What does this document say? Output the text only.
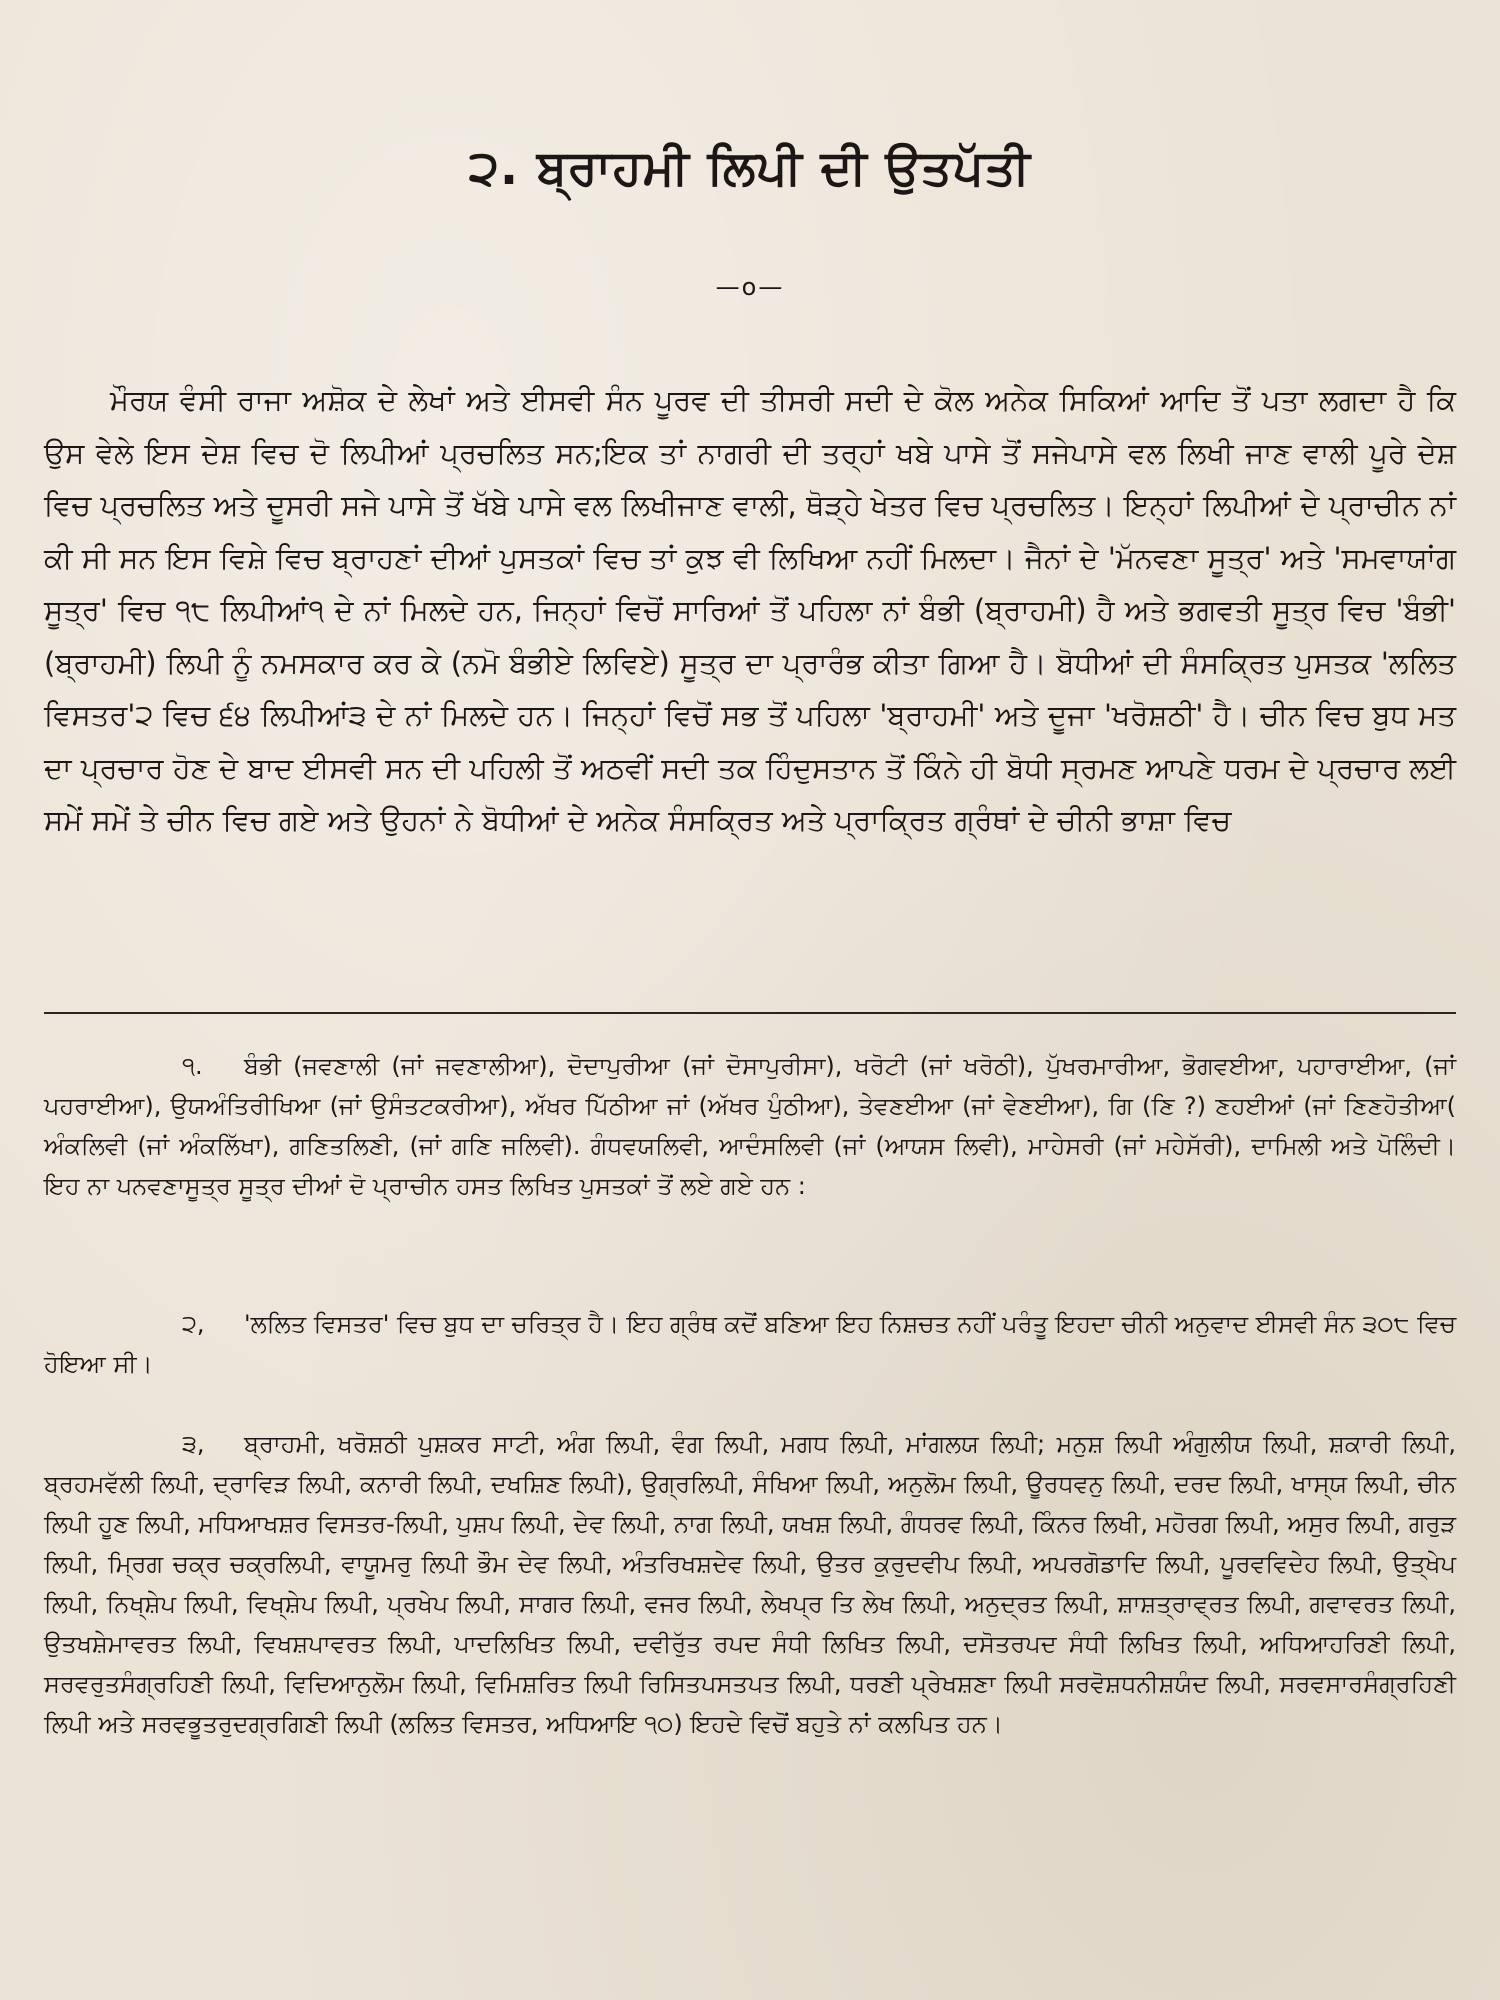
੨. ਬ੍ਰਾਹਮੀ ਲਿਪੀ ਦੀ ਉਤਪੱਤੀ
—o—

ਮੌਰਯ ਵੰਸੀ ਰਾਜਾ ਅਸ਼ੋਕ ਦੇ ਲੇਖਾਂ ਅਤੇ ਈਸਵੀ ਸੰਨ ਪੂਰਵ ਦੀ ਤੀਸਰੀ ਸਦੀ ਦੇ ਕੋਲ ਅਨੇਕ ਸਿਕਿਆਂ ਆਦਿ ਤੋਂ ਪਤਾ ਲਗਦਾ ਹੈ ਕਿ ਉਸ ਵੇਲੇ ਇਸ ਦੇਸ਼ ਵਿਚ ਦੋ ਲਿਪੀਆਂ ਪ੍ਰਚਲਿਤ ਸਨ;ਇਕ ਤਾਂ ਨਾਗਰੀ ਦੀ ਤਰ੍ਹਾਂ ਖਬੇ ਪਾਸੇ ਤੋਂ ਸਜੇਪਾਸੇ ਵਲ ਲਿਖੀ ਜਾਣ ਵਾਲੀ ਪੂਰੇ ਦੇਸ਼ ਵਿਚ ਪ੍ਰਚਲਿਤ ਅਤੇ ਦੂਸਰੀ ਸਜੇ ਪਾਸੇ ਤੋਂ ਖੱਬੇ ਪਾਸੇ ਵਲ ਲਿਖੀਜਾਣ ਵਾਲੀ, ਥੋੜ੍ਹੇ ਖੇਤਰ ਵਿਚ ਪ੍ਰਚਲਿਤ। ਇਨ੍ਹਾਂ ਲਿਪੀਆਂ ਦੇ ਪ੍ਰਾਚੀਨ ਨਾਂ ਕੀ ਸੀ ਸਨ ਇਸ ਵਿਸ਼ੇ ਵਿਚ ਬ੍ਰਾਹਣਾਂ ਦੀਆਂ ਪੁਸਤਕਾਂ ਵਿਚ ਤਾਂ ਕੁਝ ਵੀ ਲਿਖਿਆ ਨਹੀਂ ਮਿਲਦਾ। ਜੈਨਾਂ ਦੇ 'ਮੱਨਵਣਾ ਸੂਤ੍ਰ' ਅਤੇ 'ਸਮਵਾਯਾਂਗ ਸੂਤ੍ਰ' ਵਿਚ ੧੮ ਲਿਪੀਆਂ੧ ਦੇ ਨਾਂ ਮਿਲਦੇ ਹਨ, ਜਿਨ੍ਹਾਂ ਵਿਚੋਂ ਸਾਰਿਆਂ ਤੋਂ ਪਹਿਲਾ ਨਾਂ ਬੰਭੀ (ਬ੍ਰਾਹਮੀ) ਹੈ ਅਤੇ ਭਗਵਤੀ ਸੂਤ੍ਰ ਵਿਚ 'ਬੰਭੀ' (ਬ੍ਰਾਹਮੀ) ਲਿਪੀ ਨੂੰ ਨਮਸਕਾਰ ਕਰ ਕੇ (ਨਮੋ ਬੰਭੀਏ ਲਿਵਿਏ) ਸੂਤ੍ਰ ਦਾ ਪ੍ਰਾਰੰਭ ਕੀਤਾ ਗਿਆ ਹੈ। ਬੋਧੀਆਂ ਦੀ ਸੰਸਕ੍ਰਿਤ ਪੁਸਤਕ 'ਲਲਿਤ ਵਿਸਤਰ'੨ ਵਿਚ ੬੪ ਲਿਪੀਆਂ੩ ਦੇ ਨਾਂ ਮਿਲਦੇ ਹਨ। ਜਿਨ੍ਹਾਂ ਵਿਚੋਂ ਸਭ ਤੋਂ ਪਹਿਲਾ 'ਬ੍ਰਾਹਮੀ' ਅਤੇ ਦੂਜਾ 'ਖਰੋਸ਼ਠੀ' ਹੈ। ਚੀਨ ਵਿਚ ਬੁਧ ਮਤ ਦਾ ਪ੍ਰਚਾਰ ਹੋਣ ਦੇ ਬਾਦ ਈਸਵੀ ਸਨ ਦੀ ਪਹਿਲੀ ਤੋਂ ਅਠਵੀਂ ਸਦੀ ਤਕ ਹਿੰਦੁਸਤਾਨ ਤੋਂ ਕਿੰਨੇ ਹੀ ਬੋਧੀ ਸ੍ਰਮਣ ਆਪਣੇ ਧਰਮ ਦੇ ਪ੍ਰਚਾਰ ਲਈ ਸਮੇਂ ਸਮੇਂ ਤੇ ਚੀਨ ਵਿਚ ਗਏ ਅਤੇ ਉਹਨਾਂ ਨੇ ਬੋਧੀਆਂ ਦੇ ਅਨੇਕ ਸੰਸਕ੍ਰਿਤ ਅਤੇ ਪ੍ਰਾਕ੍ਰਿਤ ਗ੍ਰੰਥਾਂ ਦੇ ਚੀਨੀ ਭਾਸ਼ਾ ਵਿਚ

੧. ਬੰਭੀ (ਜਵਣਾਲੀ (ਜਾਂ ਜਵਣਾਲੀਆ), ਦੋਦਾਪੁਰੀਆ (ਜਾਂ ਦੋਸਾਪੁਰੀਸਾ), ਖਰੋਟੀ (ਜਾਂ ਖਰੋਠੀ), ਪੁੱਖਰਮਾਰੀਆ, ਭੋਗਵਈਆ, ਪਹਾਰਾਈਆ, (ਜਾਂ ਪਹਰਾਈਆ), ਉਯਅੰਤਿਰੀਖਿਆ (ਜਾਂ ਉਸੰਤਟਕਰੀਆ), ਅੱਖਰ ਪਿੱਠੀਆ ਜਾਂ (ਅੱਖਰ ਪੁੰਠੀਆ), ਤੇਵਣਈਆ (ਜਾਂ ਵੇਣਈਆ), ਗਿ (ਣਿ ?) ਣਹਈਆਂ (ਜਾਂ ਣਿਣਹੋਤੀਆ( ਅੰਕਲਿਵੀ (ਜਾਂ ਅੰਕਲਿੱਖਾ), ਗਣਿਤਲਿਣੀ, (ਜਾਂ ਗਣਿ ਜਲਿਵੀ). ਗੰਧਵਯਲਿਵੀ, ਆਦੰਸਲਿਵੀ (ਜਾਂ (ਆਯਸ ਲਿਵੀ), ਮਾਹੇਸਰੀ (ਜਾਂ ਮਹੇਸੱਰੀ), ਦਾਮਿਲੀ ਅਤੇ ਪੋਲਿੰਦੀ। ਇਹ ਨਾ ਪਨਵਣਾਸੂਤ੍ਰ ਸੂਤ੍ਰ ਦੀਆਂ ਦੋ ਪ੍ਰਾਚੀਨ ਹਸਤ ਲਿਖਿਤ ਪੁਸਤਕਾਂ ਤੋਂ ਲਏ ਗਏ ਹਨ :

੨, 'ਲਲਿਤ ਵਿਸਤਰ' ਵਿਚ ਬੁਧ ਦਾ ਚਰਿਤ੍ਰ ਹੈ। ਇਹ ਗ੍ਰੰਥ ਕਦੋਂ ਬਣਿਆ ਇਹ ਨਿਸ਼ਚਤ ਨਹੀਂ ਪਰੰਤੂ ਇਹਦਾ ਚੀਨੀ ਅਨੁਵਾਦ ਈਸਵੀ ਸੰਨ ੩੦੮ ਵਿਚ ਹੋਇਆ ਸੀ।

੩, ਬ੍ਰਾਹਮੀ, ਖਰੋਸ਼ਠੀ ਪੁਸ਼ਕਰ ਸਾਟੀ, ਅੰਗ ਲਿਪੀ, ਵੰਗ ਲਿਪੀ, ਮਗਧ ਲਿਪੀ, ਮਾਂਗਲਯ ਲਿਪੀ; ਮਨੁਸ਼ ਲਿਪੀ ਅੰਗੁਲੀਯ ਲਿਪੀ, ਸ਼ਕਾਰੀ ਲਿਪੀ, ਬ੍ਰਹਮਵੱਲੀ ਲਿਪੀ, ਦ੍ਰਾਵਿੜ ਲਿਪੀ, ਕਨਾਰੀ ਲਿਪੀ, ਦਖਸ਼ਿਣ ਲਿਪੀ), ਉਗ੍ਰਲਿਪੀ, ਸੰਖਿਆ ਲਿਪੀ, ਅਨੁਲੋਮ ਲਿਪੀ, ਊਰਧਵਨੁ ਲਿਪੀ, ਦਰਦ ਲਿਪੀ, ਖਾਸ੍ਯ ਲਿਪੀ, ਚੀਨ ਲਿਪੀ ਹੂਣ ਲਿਪੀ, ਮਧਿਆਖਸ਼ਰ ਵਿਸਤਰ-ਲਿਪੀ, ਪੁਸ਼ਪ ਲਿਪੀ, ਦੇਵ ਲਿਪੀ, ਨਾਗ ਲਿਪੀ, ਯਖਸ਼ ਲਿਪੀ, ਗੰਧਰਵ ਲਿਪੀ, ਕਿੰਨਰ ਲਿਖੀ, ਮਹੋਰਗ ਲਿਪੀ, ਅਸੁਰ ਲਿਪੀ, ਗਰੁੜ ਲਿਪੀ, ਮ੍ਰਿਗ ਚਕ੍ਰ ਚਕ੍ਰਲਿਪੀ, ਵਾਯੂਮਰੁ ਲਿਪੀ ਭੌਮ ਦੇਵ ਲਿਪੀ, ਅੰਤਰਿਖਸ਼ਦੇਵ ਲਿਪੀ, ਉਤਰ ਕੁਰੁਦਵੀਪ ਲਿਪੀ, ਅਪਰਗੋਡਾਦਿ ਲਿਪੀ, ਪੂਰਵਵਿਦੇਹ ਲਿਪੀ, ਉਤ੍ਖੇਪ ਲਿਪੀ, ਨਿਖ੍ਸ਼ੇਪ ਲਿਪੀ, ਵਿਖ੍ਸ਼ੇਪ ਲਿਪੀ, ਪ੍ਰਖੇਪ ਲਿਪੀ, ਸਾਗਰ ਲਿਪੀ, ਵਜਰ ਲਿਪੀ, ਲੇਖਪ੍ਰ ਤਿ ਲੇਖ ਲਿਪੀ, ਅਨੁਦ੍ਰਤ ਲਿਪੀ, ਸ਼ਾਸ਼ਤ੍ਰਾਵ੍ਰਤ ਲਿਪੀ, ਗਵਾਵਰਤ ਲਿਪੀ, ਉਤਖਸ਼ੇਮਾਵਰਤ ਲਿਪੀ, ਵਿਖਸ਼ਪਾਵਰਤ ਲਿਪੀ, ਪਾਦਲਿਖਿਤ ਲਿਪੀ, ਦਵੀਰੁੱਤ ਰਪਦ ਸੰਧੀ ਲਿਖਿਤ ਲਿਪੀ, ਦਸੋਤਰਪਦ ਸੰਧੀ ਲਿਖਿਤ ਲਿਪੀ, ਅਧਿਆਹਰਿਣੀ ਲਿਪੀ, ਸਰਵਰੁਤਸੰਗ੍ਰਹਿਣੀ ਲਿਪੀ, ਵਿਦਿਆਨੁਲੋਮ ਲਿਪੀ, ਵਿਮਿਸ਼ਰਿਤ ਲਿਪੀ ਰਿਸਿਤਪਸਤਪਤ ਲਿਪੀ, ਧਰਣੀ ਪ੍ਰੇਖਸ਼ਣਾ ਲਿਪੀ ਸਰਵੋਸ਼ਧਨੀਸ਼ਯੰਦ ਲਿਪੀ, ਸਰਵਸਾਰਸੰਗ੍ਰਹਿਣੀ ਲਿਪੀ ਅਤੇ ਸਰਵਭੂਤਰੁਦਗ੍ਰਗਿਣੀ ਲਿਪੀ (ਲਲਿਤ ਵਿਸਤਰ, ਅਧਿਆਇ ੧੦) ਇਹਦੇ ਵਿਚੋਂ ਬਹੁਤੇ ਨਾਂ ਕਲਪਿਤ ਹਨ।
